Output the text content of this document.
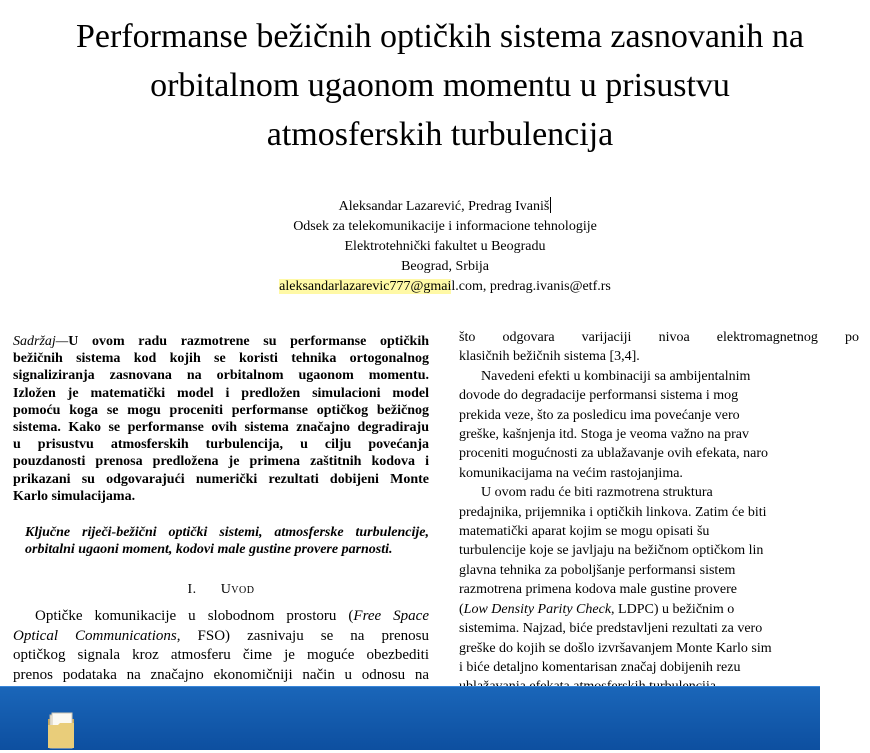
Performanse bežičnih optičkih sistema zasnovanih na
orbitalnom ugaonom momentu u prisustvu
atmosferskih turbulencija
Aleksandar Lazarević, Predrag Ivaniš
Odsek za telekomunikacije i informacione tehnologije
Elektrotehnički fakultet u Beogradu
Beograd, Srbija
aleksandarlazarevic777@gmail.com, predrag.ivanis@etf.rs
Sadržaj—U ovom radu razmotrene su performanse optičkih
bežičnih sistema kod kojih se koristi tehnika ortogonalnog
signaliziranja zasnovana na orbitalnom ugaonom momentu.
Izložen je matematički model i predložen simulacioni model
pomoću koga se mogu proceniti performanse optičkog bežičnog
sistema. Kako se performanse ovih sistema značajno degradiraju
u prisustvu atmosferskih turbulencija, u cilju povećanja
pouzdanosti prenosa predložena je primena zaštitnih kodova i
prikazani su odgovarajući numerički rezultati dobijeni Monte
Karlo simulacijama.
Ključne riječi-bežični optički sistemi, atmosferske turbulencije,
orbitalni ugaoni moment, kodovi male gustine provere parnosti.
I. Uvod
Optičke komunikacije u slobodnom prostoru (Free Space
Optical Communications, FSO) zasnivaju se na prenosu
optičkog signala kroz atmosferu čime je moguće obezbediti
prenos podataka na značajno ekonomičniji način u odnosu na
što odgovara varijaciji nivoa elektromagnetnog po
klasičnih bežičnih sistema [3,4].
Navedeni efekti u kombinaciji sa ambijentalnim
dovode do degradacije performansi sistema i mog
prekida veze, što za posledicu ima povećanje vero
greške, kašnjenja itd. Stoga je veoma važno na prav
proceniti mogućnosti za ublažavanje ovih efekata, naro
komunikacijama na većim rastojanjima.
U ovom radu će biti razmotrena struktura
predajnika, prijemnika i optičkih linkova. Zatim će biti
matematički aparat kojim se mogu opisati šu
turbulencije koje se javljaju na bežičnom optičkom lin
glavna tehnika za poboljšanje performansi sistem
razmotrena primena kodova male gustine provere
(Low Density Parity Check, LDPC) u bežičnim o
sistemima. Najzad, biće predstavljeni rezultati za vero
greške do kojih se došlo izvršavanjem Monte Karlo sim
i biće detaljno komentarisan značaj dobijenih rezu
